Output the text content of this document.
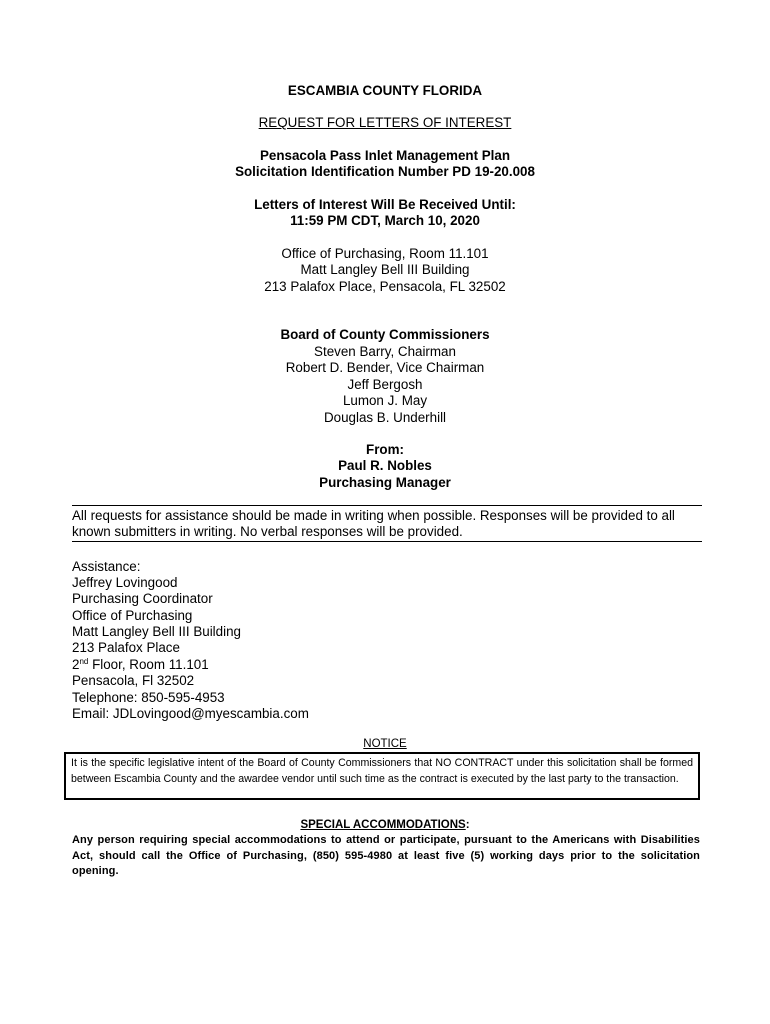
ESCAMBIA COUNTY FLORIDA
REQUEST FOR LETTERS OF INTEREST
Pensacola Pass Inlet Management Plan
Solicitation Identification Number PD 19-20.008
Letters of Interest Will Be Received Until:
11:59 PM CDT, March 10, 2020
Office of Purchasing, Room 11.101
Matt Langley Bell III Building
213 Palafox Place, Pensacola, FL 32502
Board of County Commissioners
Steven Barry, Chairman
Robert D. Bender, Vice Chairman
Jeff Bergosh
Lumon J. May
Douglas B. Underhill
From:
Paul R. Nobles
Purchasing Manager
All requests for assistance should be made in writing when possible. Responses will be provided to all
known submitters in writing. No verbal responses will be provided.
Assistance:
Jeffrey Lovingood
Purchasing Coordinator
Office of Purchasing
Matt Langley Bell III Building
213 Palafox Place
2nd Floor, Room 11.101
Pensacola, Fl 32502
Telephone: 850-595-4953
Email: JDLovingood@myescambia.com
NOTICE
It is the specific legislative intent of the Board of County Commissioners that NO CONTRACT under this solicitation shall be formed between Escambia County and the awardee vendor until such time as the contract is executed by the last party to the transaction.
SPECIAL ACCOMMODATIONS:
Any person requiring special accommodations to attend or participate, pursuant to the Americans with Disabilities Act, should call the Office of Purchasing, (850) 595-4980 at least five (5) working days prior to the solicitation opening.
